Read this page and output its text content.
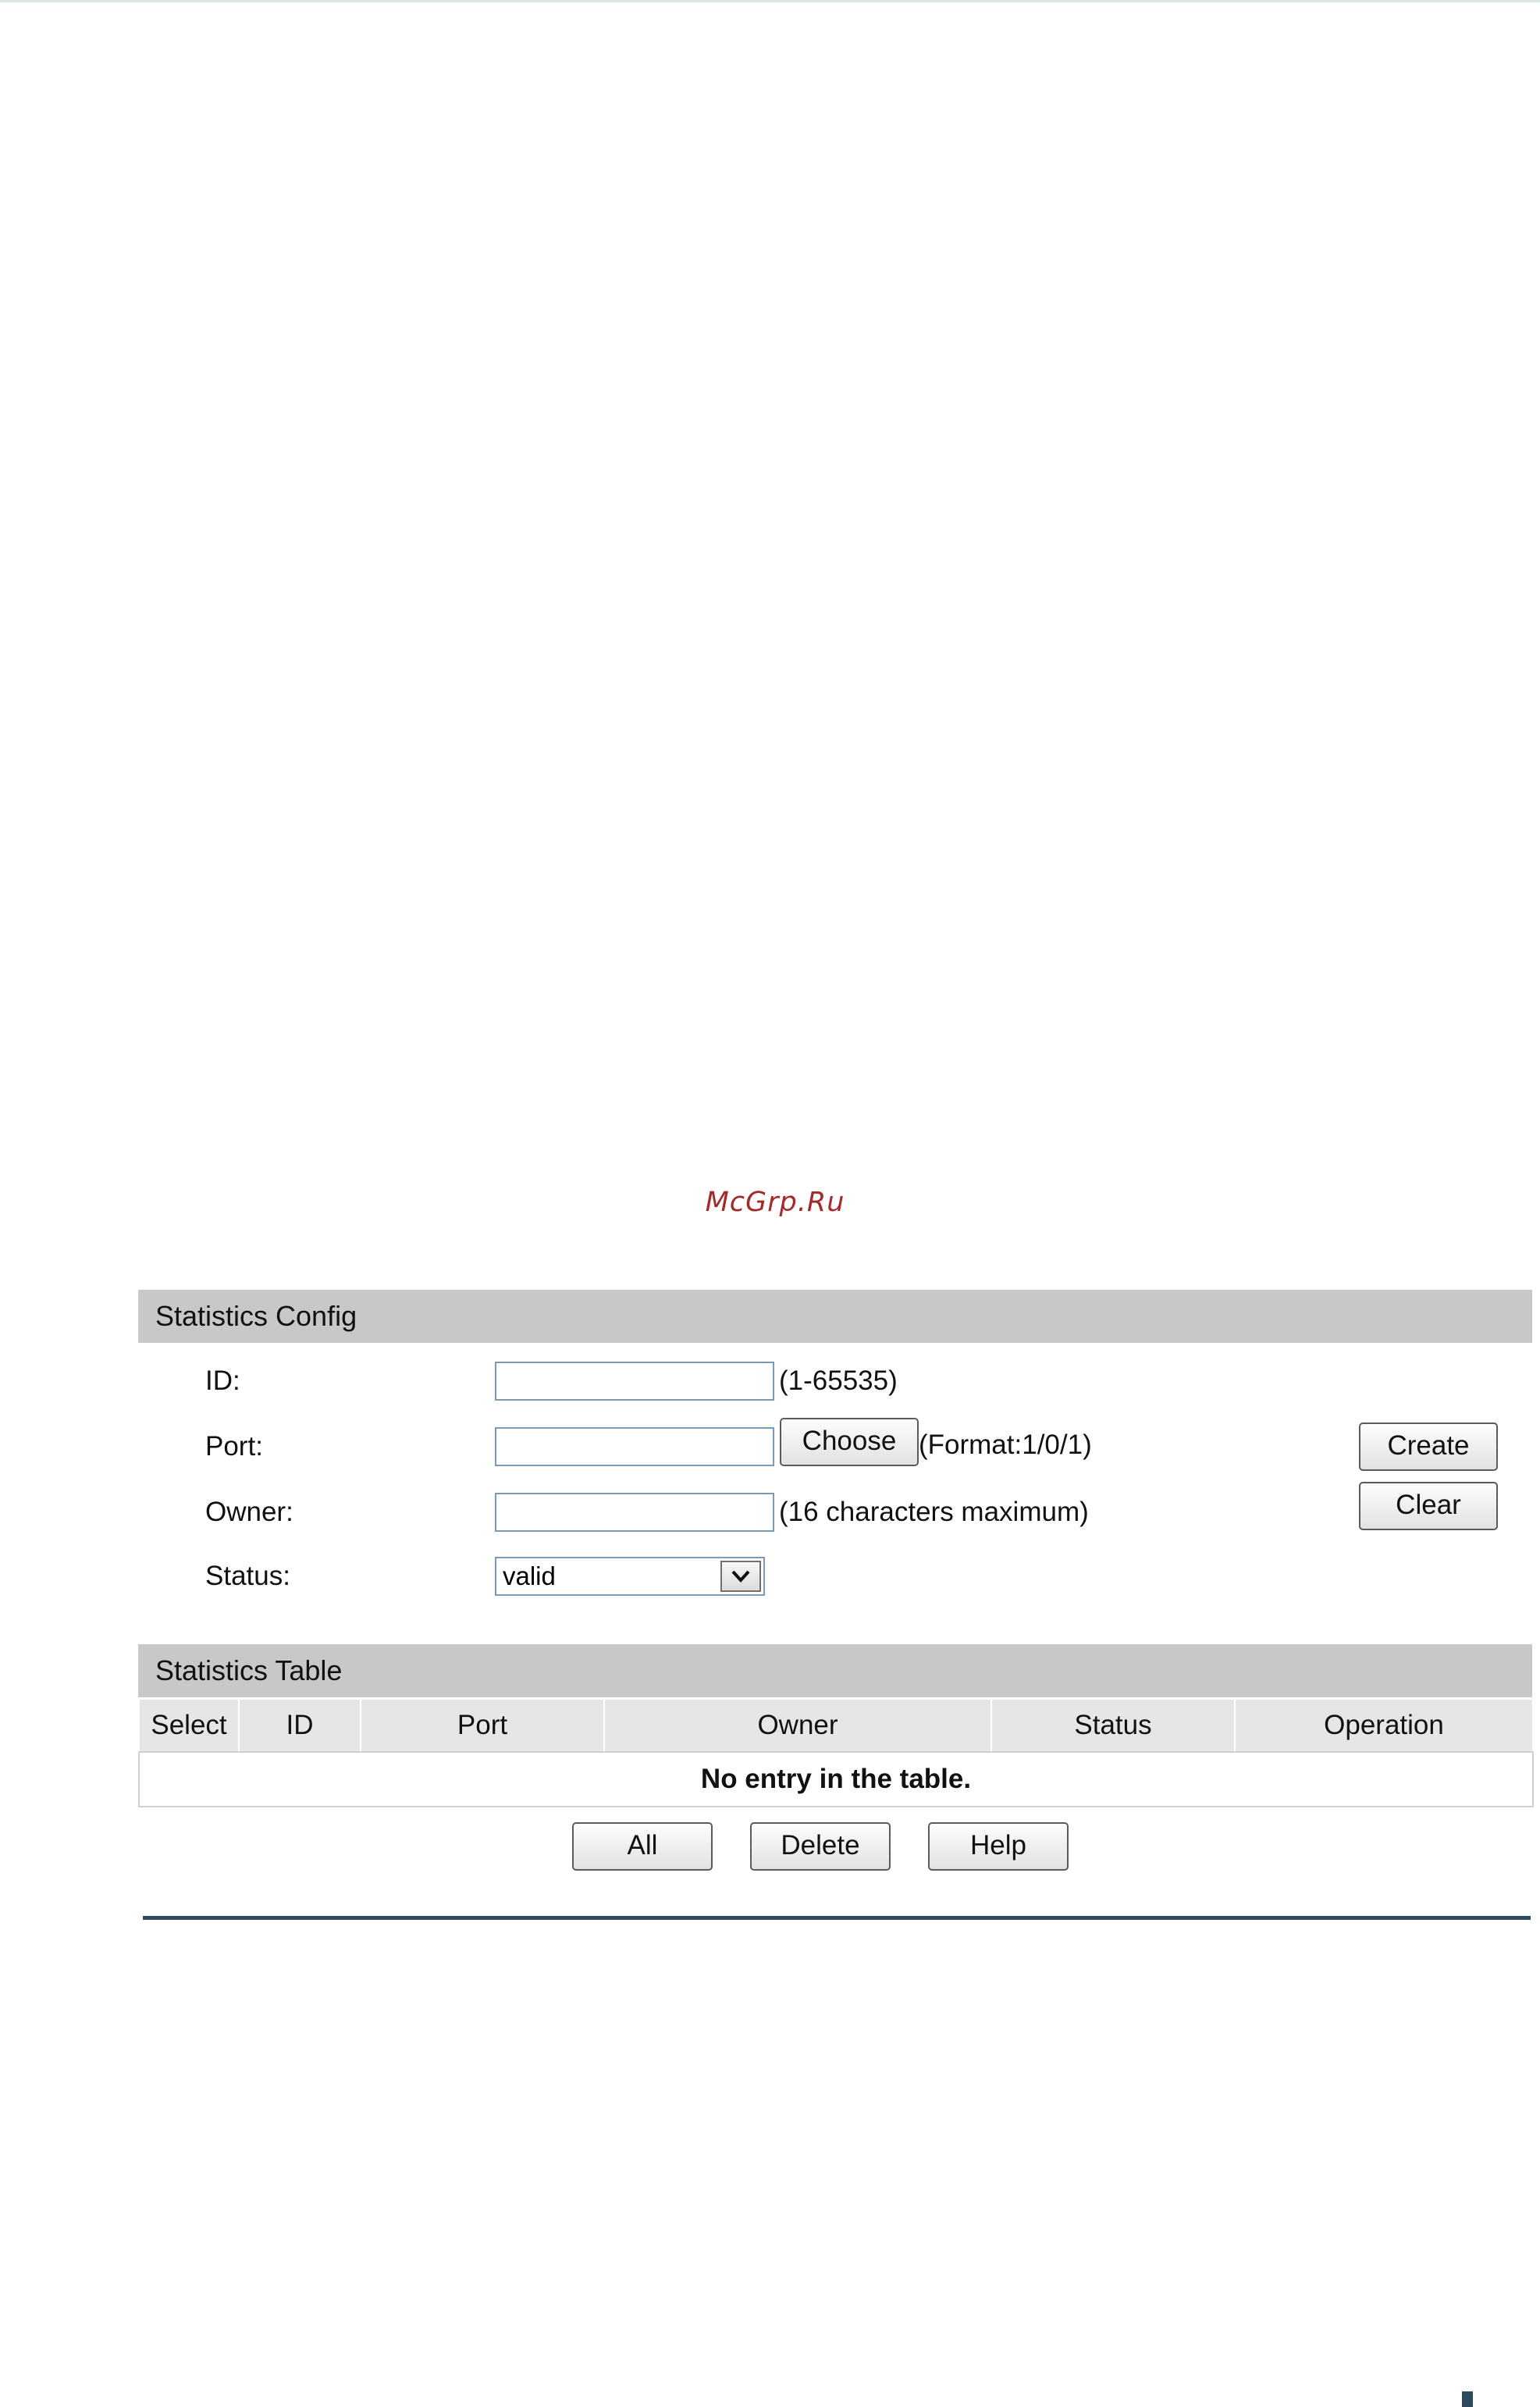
McGrp.Ru
Statistics Config
ID:	(1-65535)
Port:	Choose (Format:1/0/1)
Owner:	(16 characters maximum)
Status:	valid
Create
Clear
Statistics Table
Select	ID	Port	Owner	Status	Operation
No entry in the table.
All	Delete	Help
